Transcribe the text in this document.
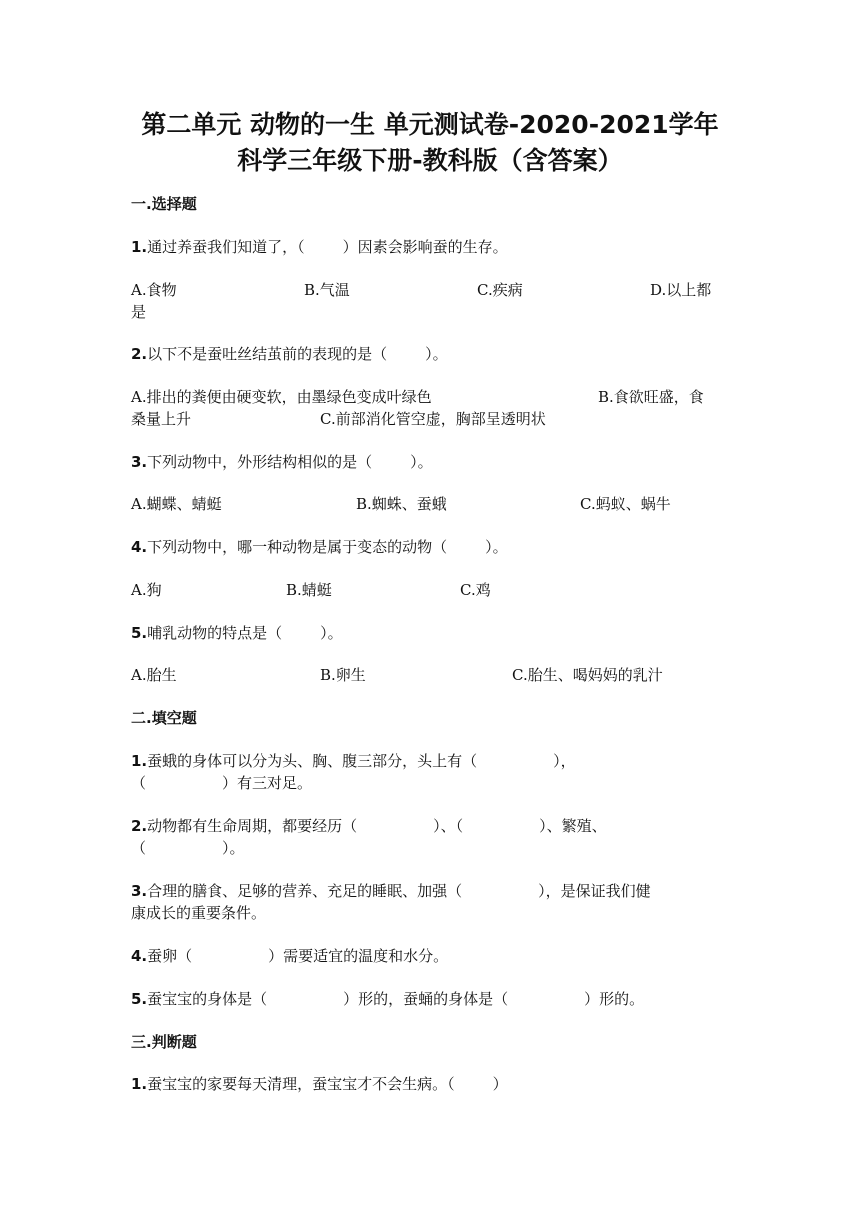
第二单元 动物的一生 单元测试卷-2020-2021学年
科学三年级下册-教科版（含答案）
一.选择题
1.通过养蚕我们知道了，（	）因素会影响蚕的生存。
A.食物	B.气温	C.疾病	D.以上都
是
2.以下不是蚕吐丝结茧前的表现的是（	）。
A.排出的粪便由硬变软，由墨绿色变成叶绿色	B.食欲旺盛，食
桑量上升	C.前部消化管空虚，胸部呈透明状
3.下列动物中，外形结构相似的是（	）。
A.蝴蝶、蜻蜓	B.蜘蛛、蚕蛾	C.蚂蚁、蜗牛
4.下列动物中，哪一种动物是属于变态的动物（	）。
A.狗	B.蜻蜓	C.鸡
5.哺乳动物的特点是（	）。
A.胎生	B.卵生	C.胎生、喝妈妈的乳汁
二.填空题
1.蚕蛾的身体可以分为头、胸、腹三部分，头上有（	），
（	）有三对足。
2.动物都有生命周期，都要经历（	）、（	）、繁殖、
（	）。
3.合理的膳食、足够的营养、充足的睡眠、加强（	），是保证我们健
康成长的重要条件。
4.蚕卵（	）需要适宜的温度和水分。
5.蚕宝宝的身体是（	）形的，蚕蛹的身体是（	）形的。
三.判断题
1.蚕宝宝的家要每天清理，蚕宝宝才不会生病。（	）
